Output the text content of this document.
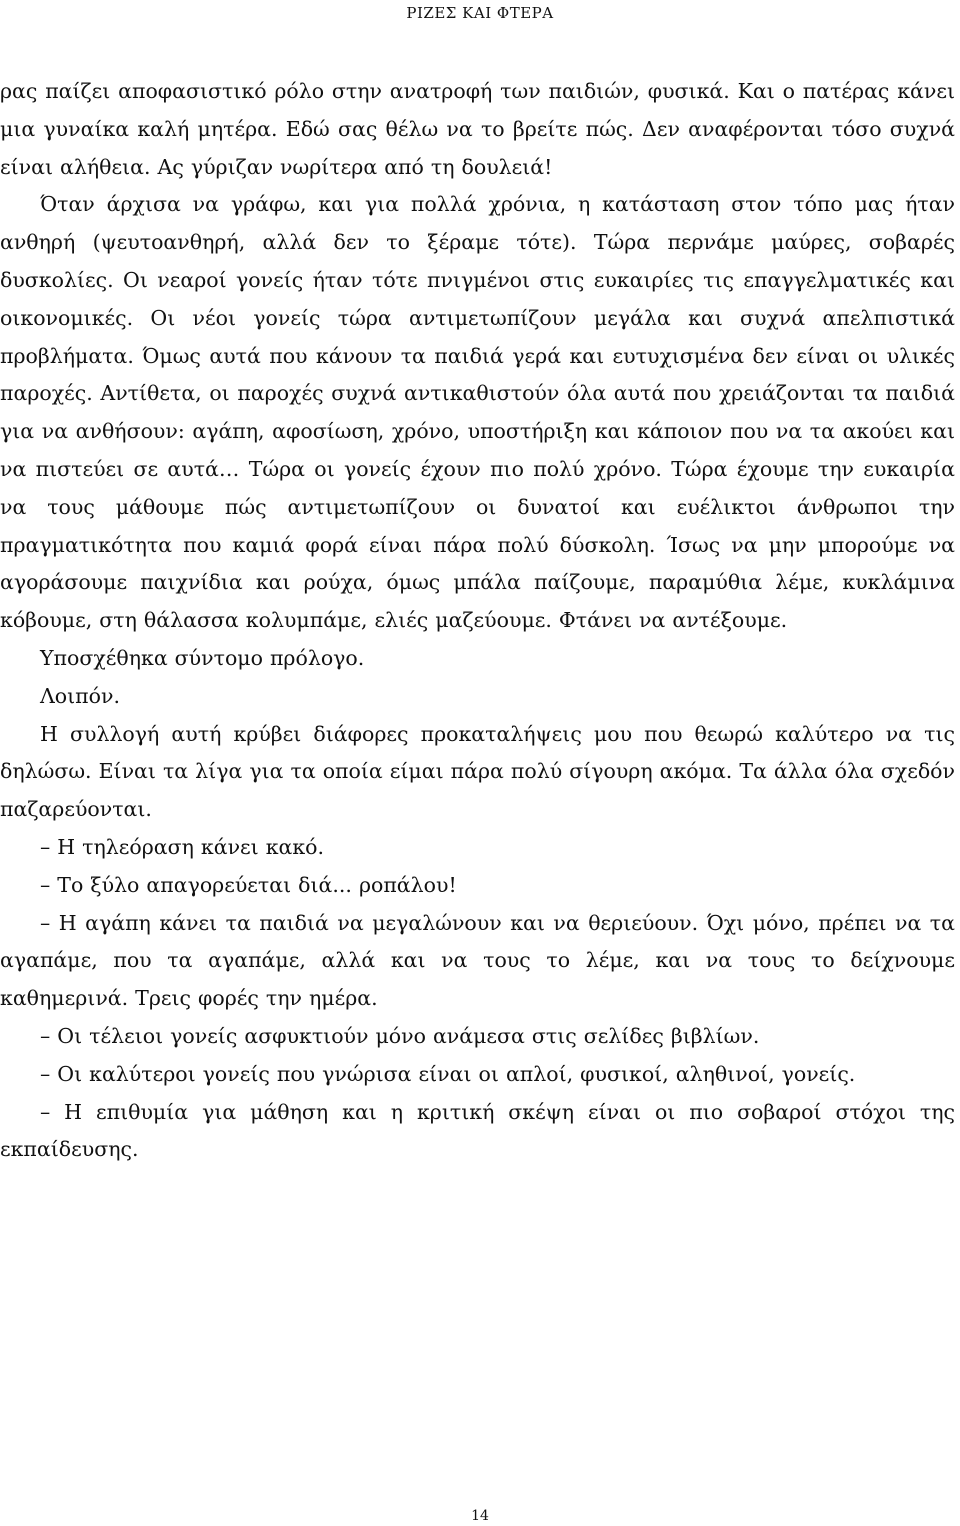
ΡΙΖΕΣ ΚΑΙ ΦΤΕΡΑ

ρας παίζει αποφασιστικό ρόλο στην ανατροφή των παιδιών, φυσικά. Και ο πατέρας κάνει μια γυναίκα καλή μητέρα. Εδώ σας θέλω να το βρείτε πώς. Δεν αναφέρονται τόσο συχνά είναι αλήθεια. Ας γύριζαν νωρίτερα από τη δουλειά!

Όταν άρχισα να γράφω, και για πολλά χρόνια, η κατάσταση στον τόπο μας ήταν ανθηρή (ψευτοανθηρή, αλλά δεν το ξέραμε τότε). Τώρα περνάμε μαύρες, σοβαρές δυσκολίες. Οι νεαροί γονείς ήταν τότε πνιγμένοι στις ευκαιρίες τις επαγγελματικές και οικονομικές. Οι νέοι γονείς τώρα αντιμετωπίζουν μεγάλα και συχνά απελπιστικά προβλήματα. Όμως αυτά που κάνουν τα παιδιά γερά και ευτυχισμένα δεν είναι οι υλικές παροχές. Αντίθετα, οι παροχές συχνά αντικαθιστούν όλα αυτά που χρειάζονται τα παιδιά για να ανθήσουν: αγάπη, αφοσίωση, χρόνο, υποστήριξη και κάποιον που να τα ακούει και να πιστεύει σε αυτά… Τώρα οι γονείς έχουν πιο πολύ χρόνο. Τώρα έχουμε την ευκαιρία να τους μάθουμε πώς αντιμετωπίζουν οι δυνατοί και ευέλικτοι άνθρωποι την πραγματικότητα που καμιά φορά είναι πάρα πολύ δύσκολη. Ίσως να μην μπορούμε να αγοράσουμε παιχνίδια και ρούχα, όμως μπάλα παίζουμε, παραμύθια λέμε, κυκλάμινα κόβουμε, στη θάλασσα κολυμπάμε, ελιές μαζεύουμε. Φτάνει να αντέξουμε.

Υποσχέθηκα σύντομο πρόλογο.

Λοιπόν.

Η συλλογή αυτή κρύβει διάφορες προκαταλήψεις μου που θεωρώ καλύτερο να τις δηλώσω. Είναι τα λίγα για τα οποία είμαι πάρα πολύ σίγουρη ακόμα. Τα άλλα όλα σχεδόν παζαρεύονται.

– Η τηλεόραση κάνει κακό.

– Το ξύλο απαγορεύεται διά... ροπάλου!

– Η αγάπη κάνει τα παιδιά να μεγαλώνουν και να θεριεύουν. Όχι μόνο, πρέπει να τα αγαπάμε, που τα αγαπάμε, αλλά και να τους το λέμε, και να τους το δείχνουμε καθημερινά. Τρεις φορές την ημέρα.

– Οι τέλειοι γονείς ασφυκτιούν μόνο ανάμεσα στις σελίδες βιβλίων.

– Οι καλύτεροι γονείς που γνώρισα είναι οι απλοί, φυσικοί, αληθινοί, γονείς.

– Η επιθυμία για μάθηση και η κριτική σκέψη είναι οι πιο σοβαροί στόχοι της εκπαίδευσης.

14
